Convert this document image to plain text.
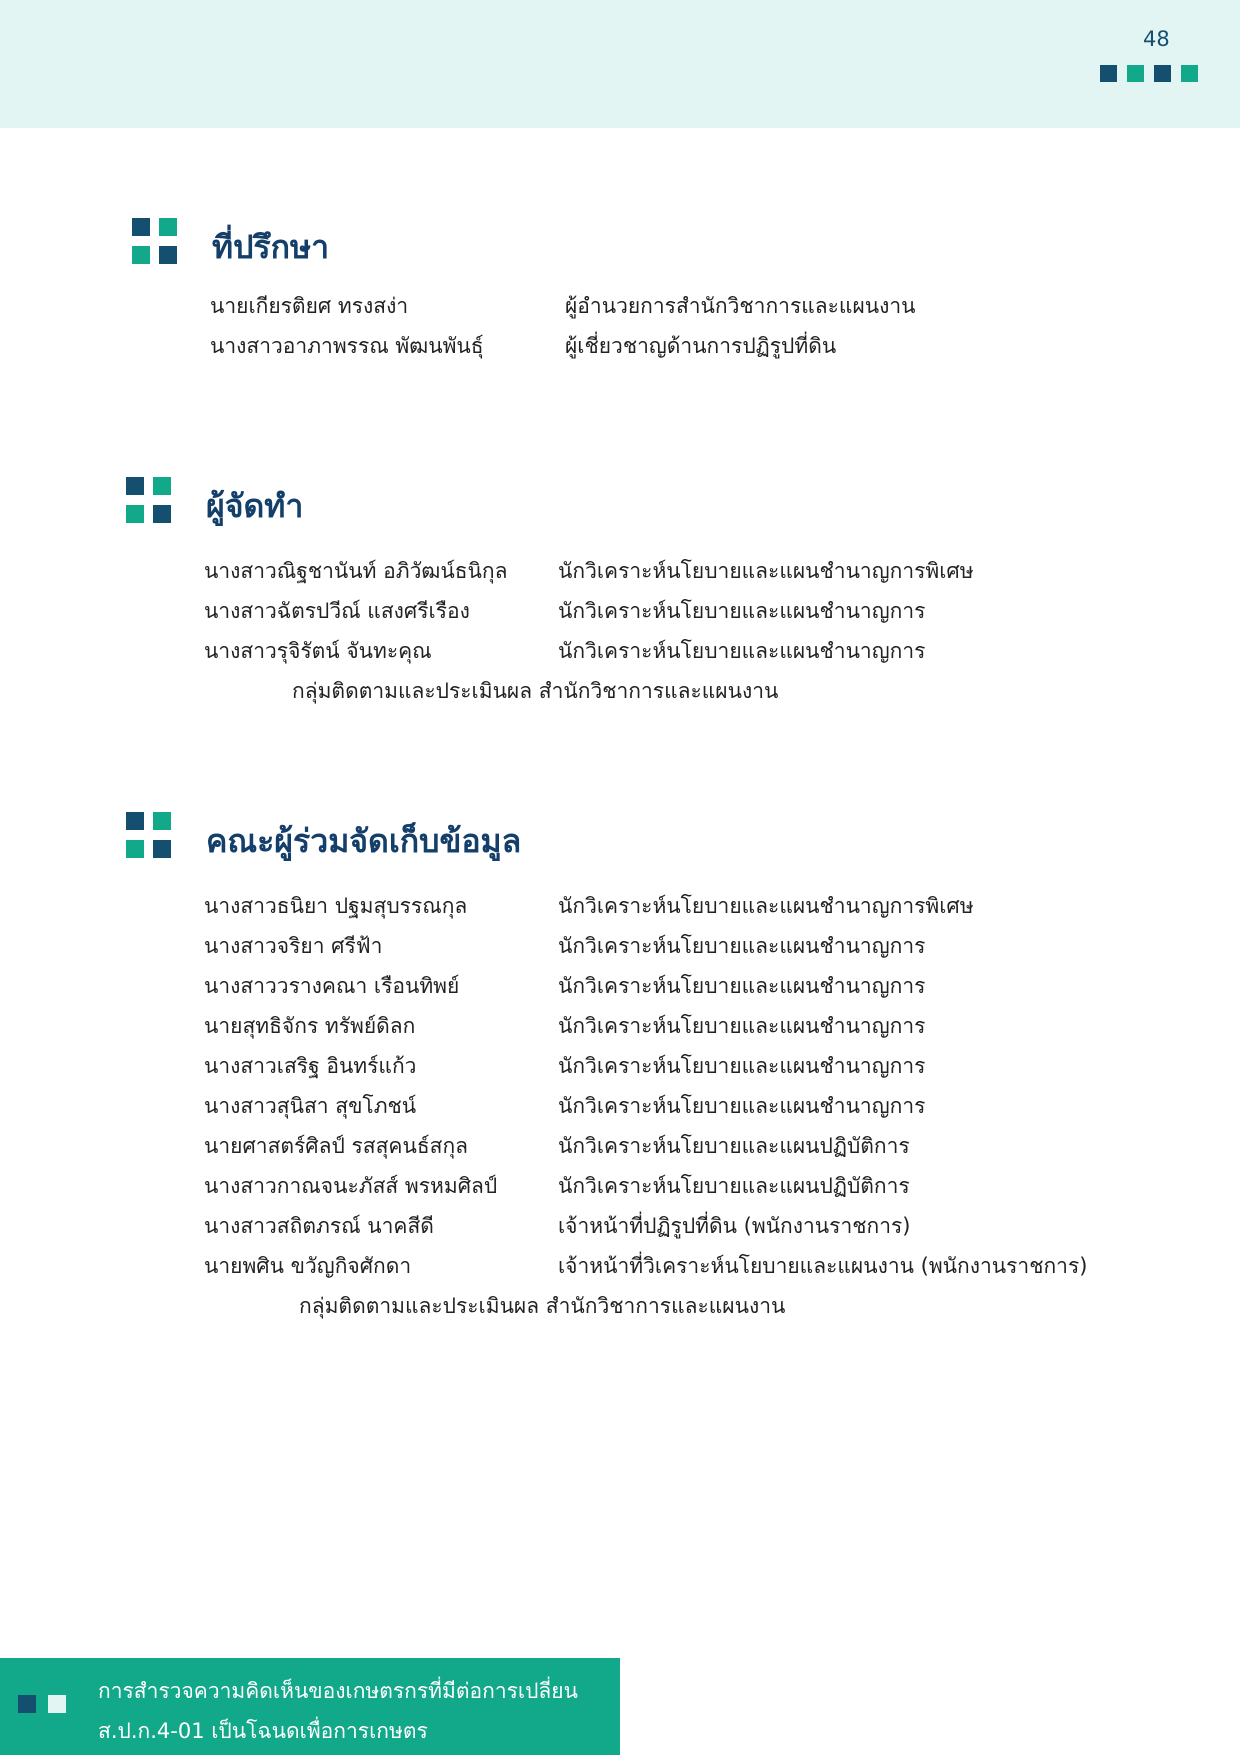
48
ที่ปรึกษา
นายเกียรติยศ ทรงสง่า	ผู้อำนวยการสำนักวิชาการและแผนงาน
นางสาวอาภาพรรณ พัฒนพันธุ์	ผู้เชี่ยวชาญด้านการปฏิรูปที่ดิน
ผู้จัดทำ
นางสาวณิฐชานันท์ อภิวัฒน์ธนิกุล นักวิเคราะห์นโยบายและแผนชำนาญการพิเศษ
นางสาวฉัตรปวีณ์ แสงศรีเรือง	นักวิเคราะห์นโยบายและแผนชำนาญการ
นางสาวรุจิรัตน์ จันทะคุณ	นักวิเคราะห์นโยบายและแผนชำนาญการ
กลุ่มติดตามและประเมินผล สำนักวิชาการและแผนงาน
คณะผู้ร่วมจัดเก็บข้อมูล
นางสาวธนิยา ปฐมสุบรรณกุล	นักวิเคราะห์นโยบายและแผนชำนาญการพิเศษ
นางสาวจริยา ศรีฟ้า	นักวิเคราะห์นโยบายและแผนชำนาญการ
นางสาววรางคณา เรือนทิพย์	นักวิเคราะห์นโยบายและแผนชำนาญการ
นายสุทธิจักร ทรัพย์ดิลก	นักวิเคราะห์นโยบายและแผนชำนาญการ
นางสาวเสริฐ อินทร์แก้ว	นักวิเคราะห์นโยบายและแผนชำนาญการ
นางสาวสุนิสา สุขโภชน์	นักวิเคราะห์นโยบายและแผนชำนาญการ
นายศาสตร์ศิลป์ รสสุคนธ์สกุล	นักวิเคราะห์นโยบายและแผนปฏิบัติการ
นางสาวกาณจนะภัสส์ พรหมศิลป์	นักวิเคราะห์นโยบายและแผนปฏิบัติการ
นางสาวสถิตภรณ์ นาคสีดี	เจ้าหน้าที่ปฏิรูปที่ดิน (พนักงานราชการ)
นายพศิน ขวัญกิจศักดา	เจ้าหน้าที่วิเคราะห์นโยบายและแผนงาน (พนักงานราชการ)
กลุ่มติดตามและประเมินผล สำนักวิชาการและแผนงาน
การสำรวจความคิดเห็นของเกษตรกรที่มีต่อการเปลี่ยน
ส.ป.ก.4-01 เป็นโฉนดเพื่อการเกษตร
